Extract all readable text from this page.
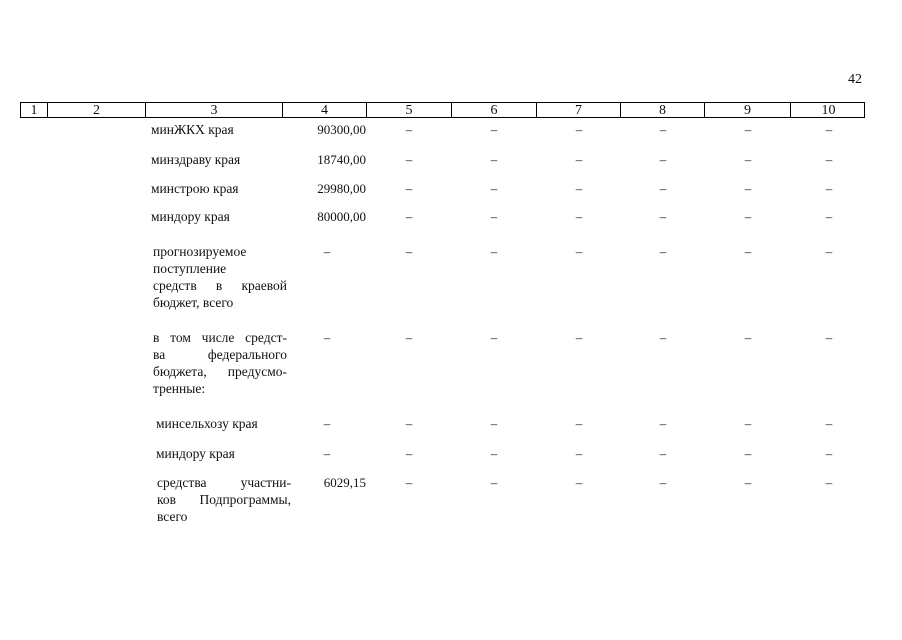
42
1	2	3	4	5	6	7	8	9	10
минЖКХ края	90300,00	–	–	–	–	–	–
минздраву края	18740,00	–	–	–	–	–	–
минстрою края	29980,00	–	–	–	–	–	–
миндору края	80000,00	–	–	–	–	–	–
прогнозируемое
поступление
средств в краевой
бюджет, всего
–	–	–	–	–	–	–
в том числе средст-
ва федерального
бюджета, предусмо-
тренные:
–	–	–	–	–	–	–
минсельхозу края	–	–	–	–	–	–	–
миндору края	–	–	–	–	–	–	–
средства участни-
ков Подпрограммы,
всего
6029,15	–	–	–	–	–	–
